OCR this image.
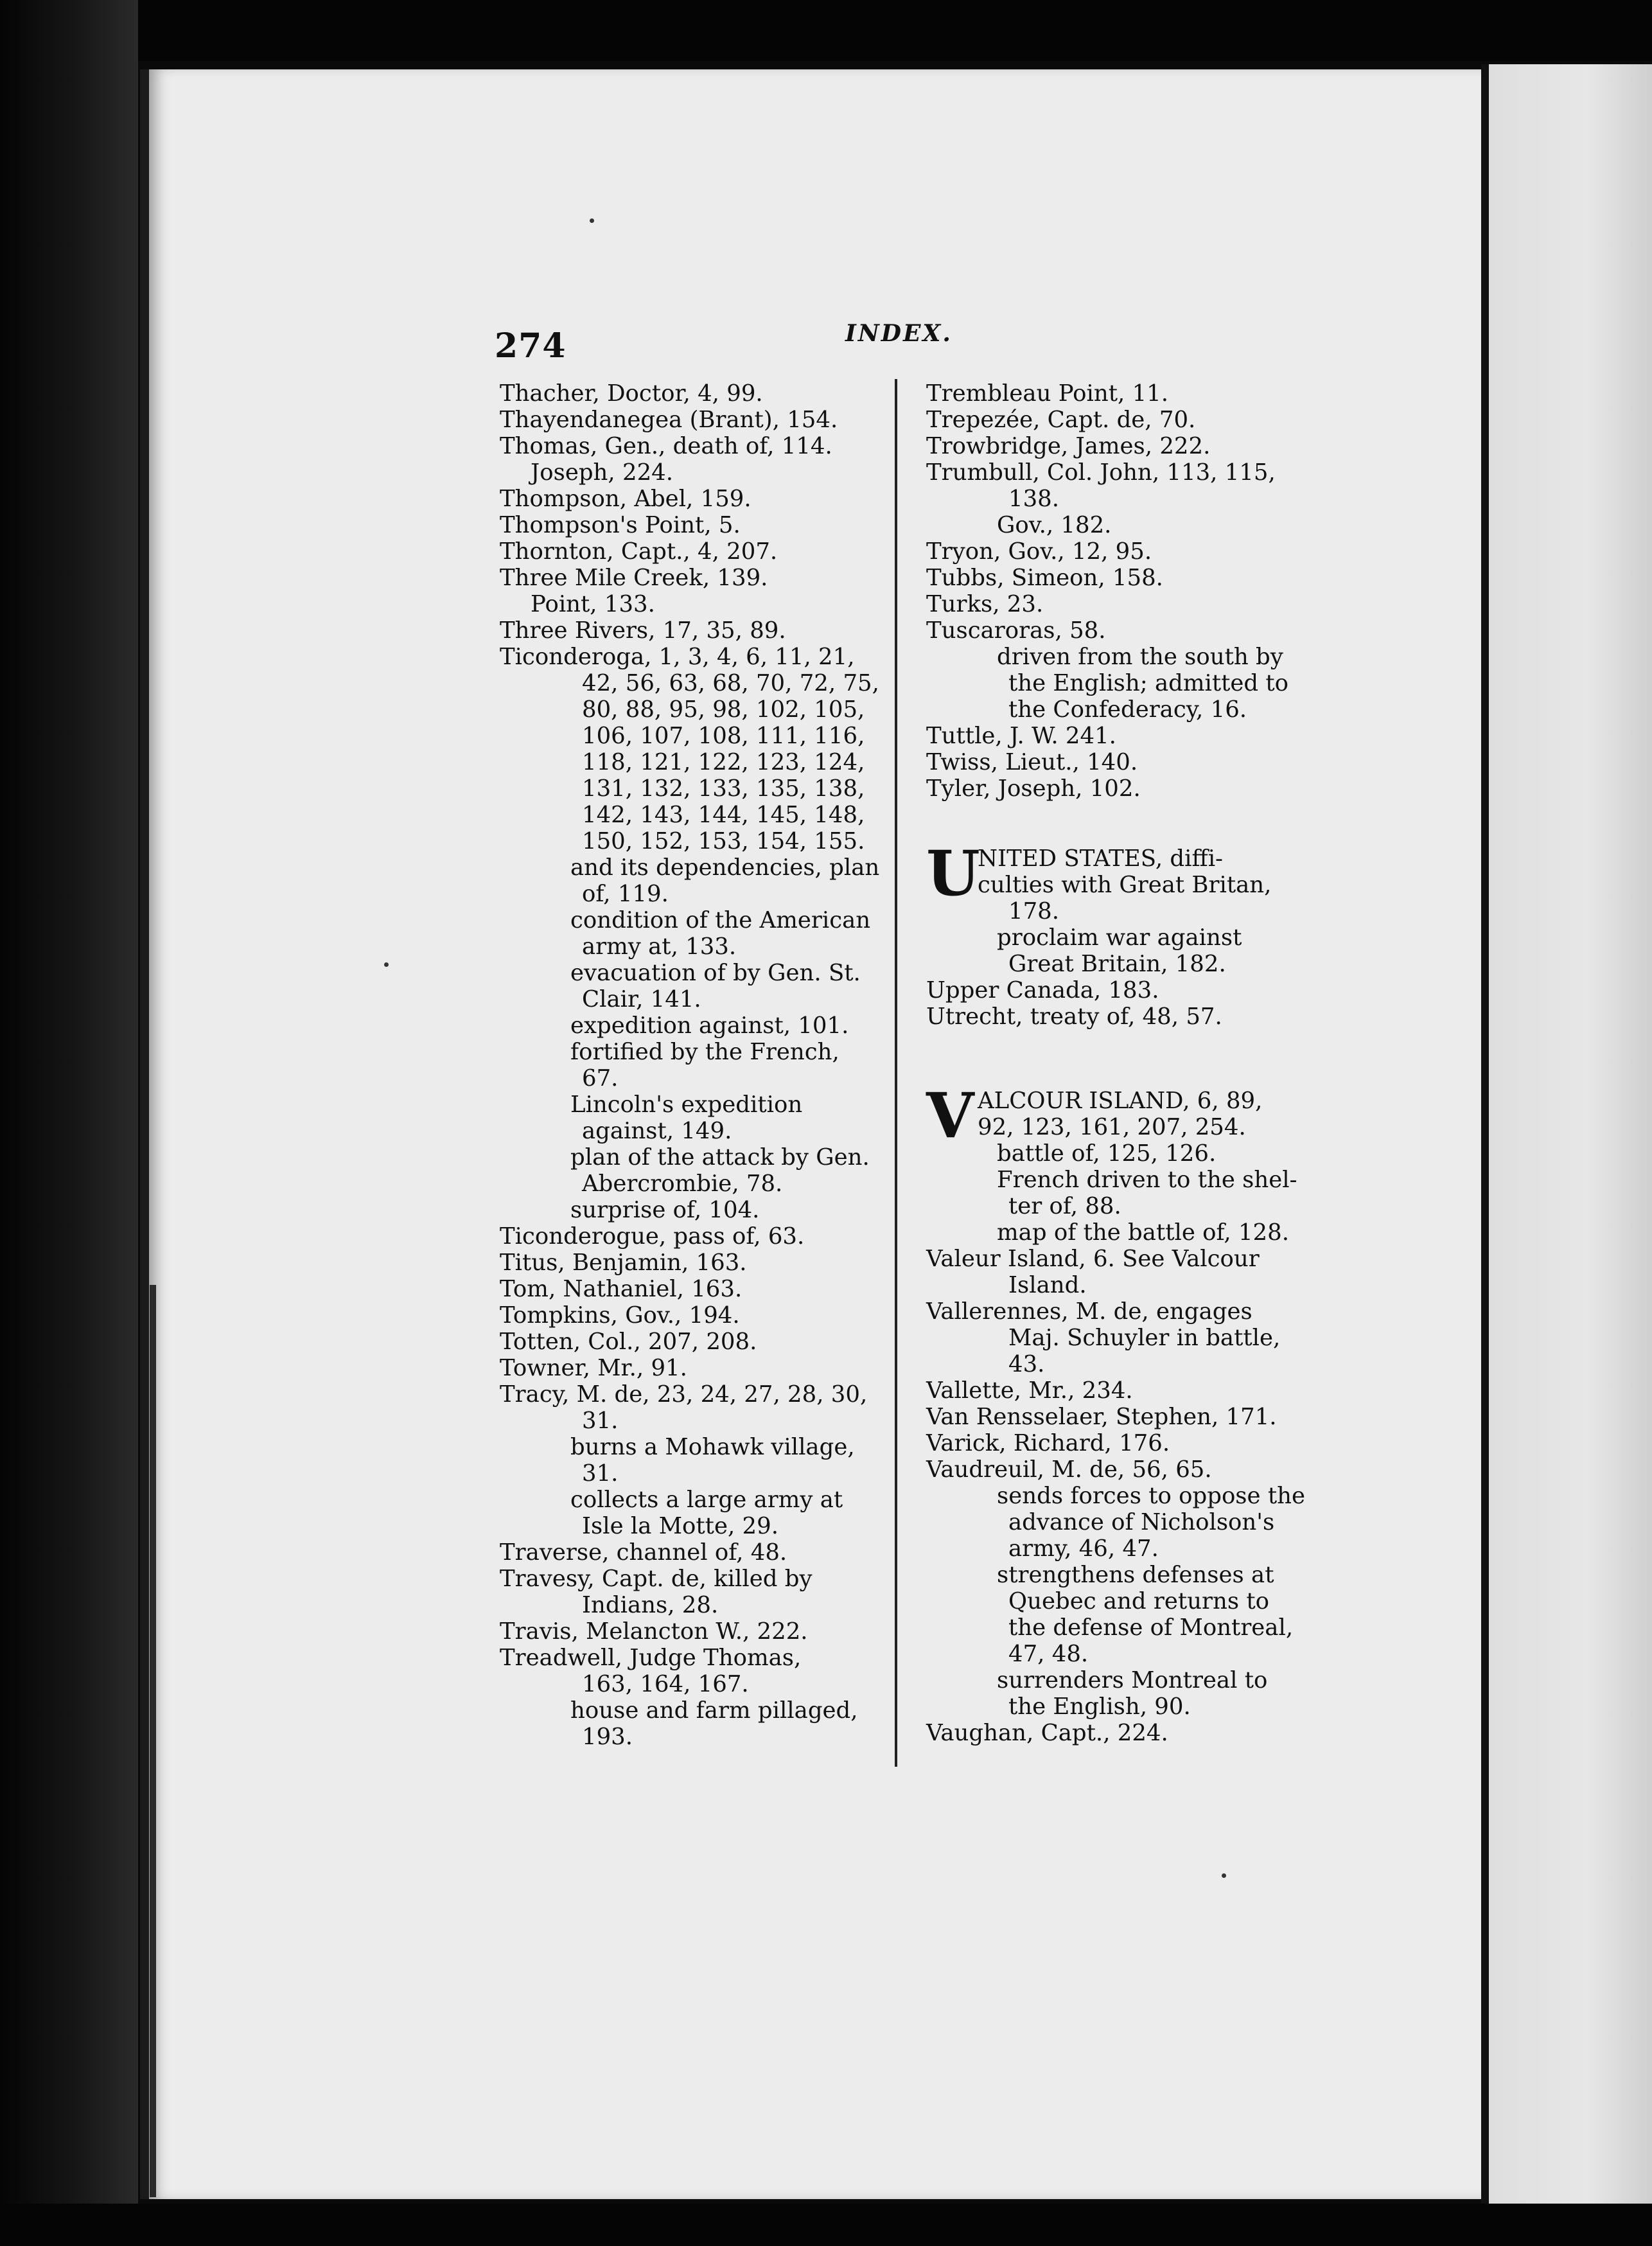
274	INDEX.
Thacher, Doctor, 4, 99.
Thayendanegea (Brant), 154.
Thomas, Gen., death of, 114.
Joseph, 224.
Thompson, Abel, 159.
Thompson's Point, 5.
Thornton, Capt., 4, 207.
Three Mile Creek, 139.
Point, 133.
Three Rivers, 17, 35, 89.
Ticonderoga, 1, 3, 4, 6, 11, 21,
42, 56, 63, 68, 70, 72, 75,
80, 88, 95, 98, 102, 105,
106, 107, 108, 111, 116,
118, 121, 122, 123, 124,
131, 132, 133, 135, 138,
142, 143, 144, 145, 148,
150, 152, 153, 154, 155.
and its dependencies, plan
of, 119.
condition of the American
army at, 133.
evacuation of by Gen. St.
Clair, 141.
expedition against, 101.
fortified by the French,
67.
Lincoln's expedition
against, 149.
plan of the attack by Gen.
Abercrombie, 78.
surprise of, 104.
Ticonderogue, pass of, 63.
Titus, Benjamin, 163.
Tom, Nathaniel, 163.
Tompkins, Gov., 194.
Totten, Col., 207, 208.
Towner, Mr., 91.
Tracy, M. de, 23, 24, 27, 28, 30,
31.
burns a Mohawk village,
31.
collects a large army at
Isle la Motte, 29.
Traverse, channel of, 48.
Travesy, Capt. de, killed by
Indians, 28.
Travis, Melancton W., 222.
Treadwell, Judge Thomas,
163, 164, 167.
house and farm pillaged,
193.
Trembleau Point, 11.
Trepezée, Capt. de, 70.
Trowbridge, James, 222.
Trumbull, Col. John, 113, 115,
138.
Gov., 182.
Tryon, Gov., 12, 95.
Tubbs, Simeon, 158.
Turks, 23.
Tuscaroras, 58.
driven from the south by
the English; admitted to
the Confederacy, 16.
Tuttle, J. W. 241.
Twiss, Lieut., 140.
Tyler, Joseph, 102.
U
NITED STATES, diffi-
culties with Great Britan,
178.
proclaim war against
Great Britain, 182.
Upper Canada, 183.
Utrecht, treaty of, 48, 57.
V ALCOUR ISLAND, 6, 89,
92, 123, 161, 207, 254.
battle of, 125, 126.
French driven to the shel-
ter of, 88.
map of the battle of, 128.
Valeur Island, 6. See Valcour
Island.
Vallerennes, M. de, engages
Maj. Schuyler in battle,
43.
Vallette, Mr., 234.
Van Rensselaer, Stephen, 171.
Varick, Richard, 176.
Vaudreuil, M. de, 56, 65.
sends forces to oppose the
advance of Nicholson's
army, 46, 47.
strengthens defenses at
Quebec and returns to
the defense of Montreal,
47, 48.
surrenders Montreal to
the English, 90.
Vaughan, Capt., 224.
